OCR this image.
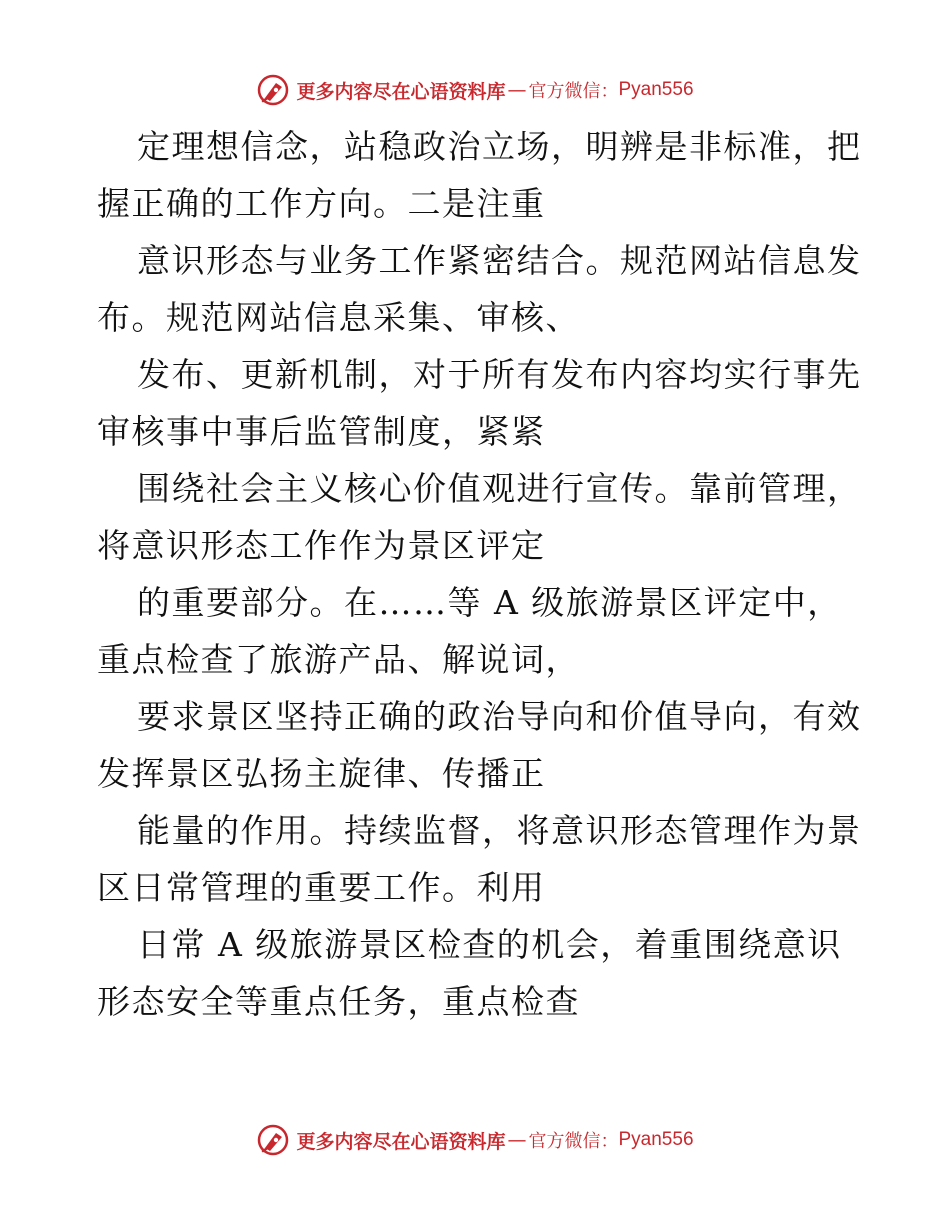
更多内容尽在心语资料库 — 官方微信： Pyan556
定理想信念，站稳政治立场，明辨是非标准，把
握正确的工作方向。二是注重
意识形态与业务工作紧密结合。规范网站信息发
布。规范网站信息采集、审核、
发布、更新机制，对于所有发布内容均实行事先
审核事中事后监管制度，紧紧
围绕社会主义核心价值观进行宣传。靠前管理，
将意识形态工作作为景区评定
的重要部分。在……等 A 级旅游景区评定中，
重点检查了旅游产品、解说词，
要求景区坚持正确的政治导向和价值导向，有效
发挥景区弘扬主旋律、传播正
能量的作用。持续监督，将意识形态管理作为景
区日常管理的重要工作。利用
日常 A 级旅游景区检查的机会，着重围绕意识
形态安全等重点任务，重点检查
更多内容尽在心语资料库 — 官方微信： Pyan556
